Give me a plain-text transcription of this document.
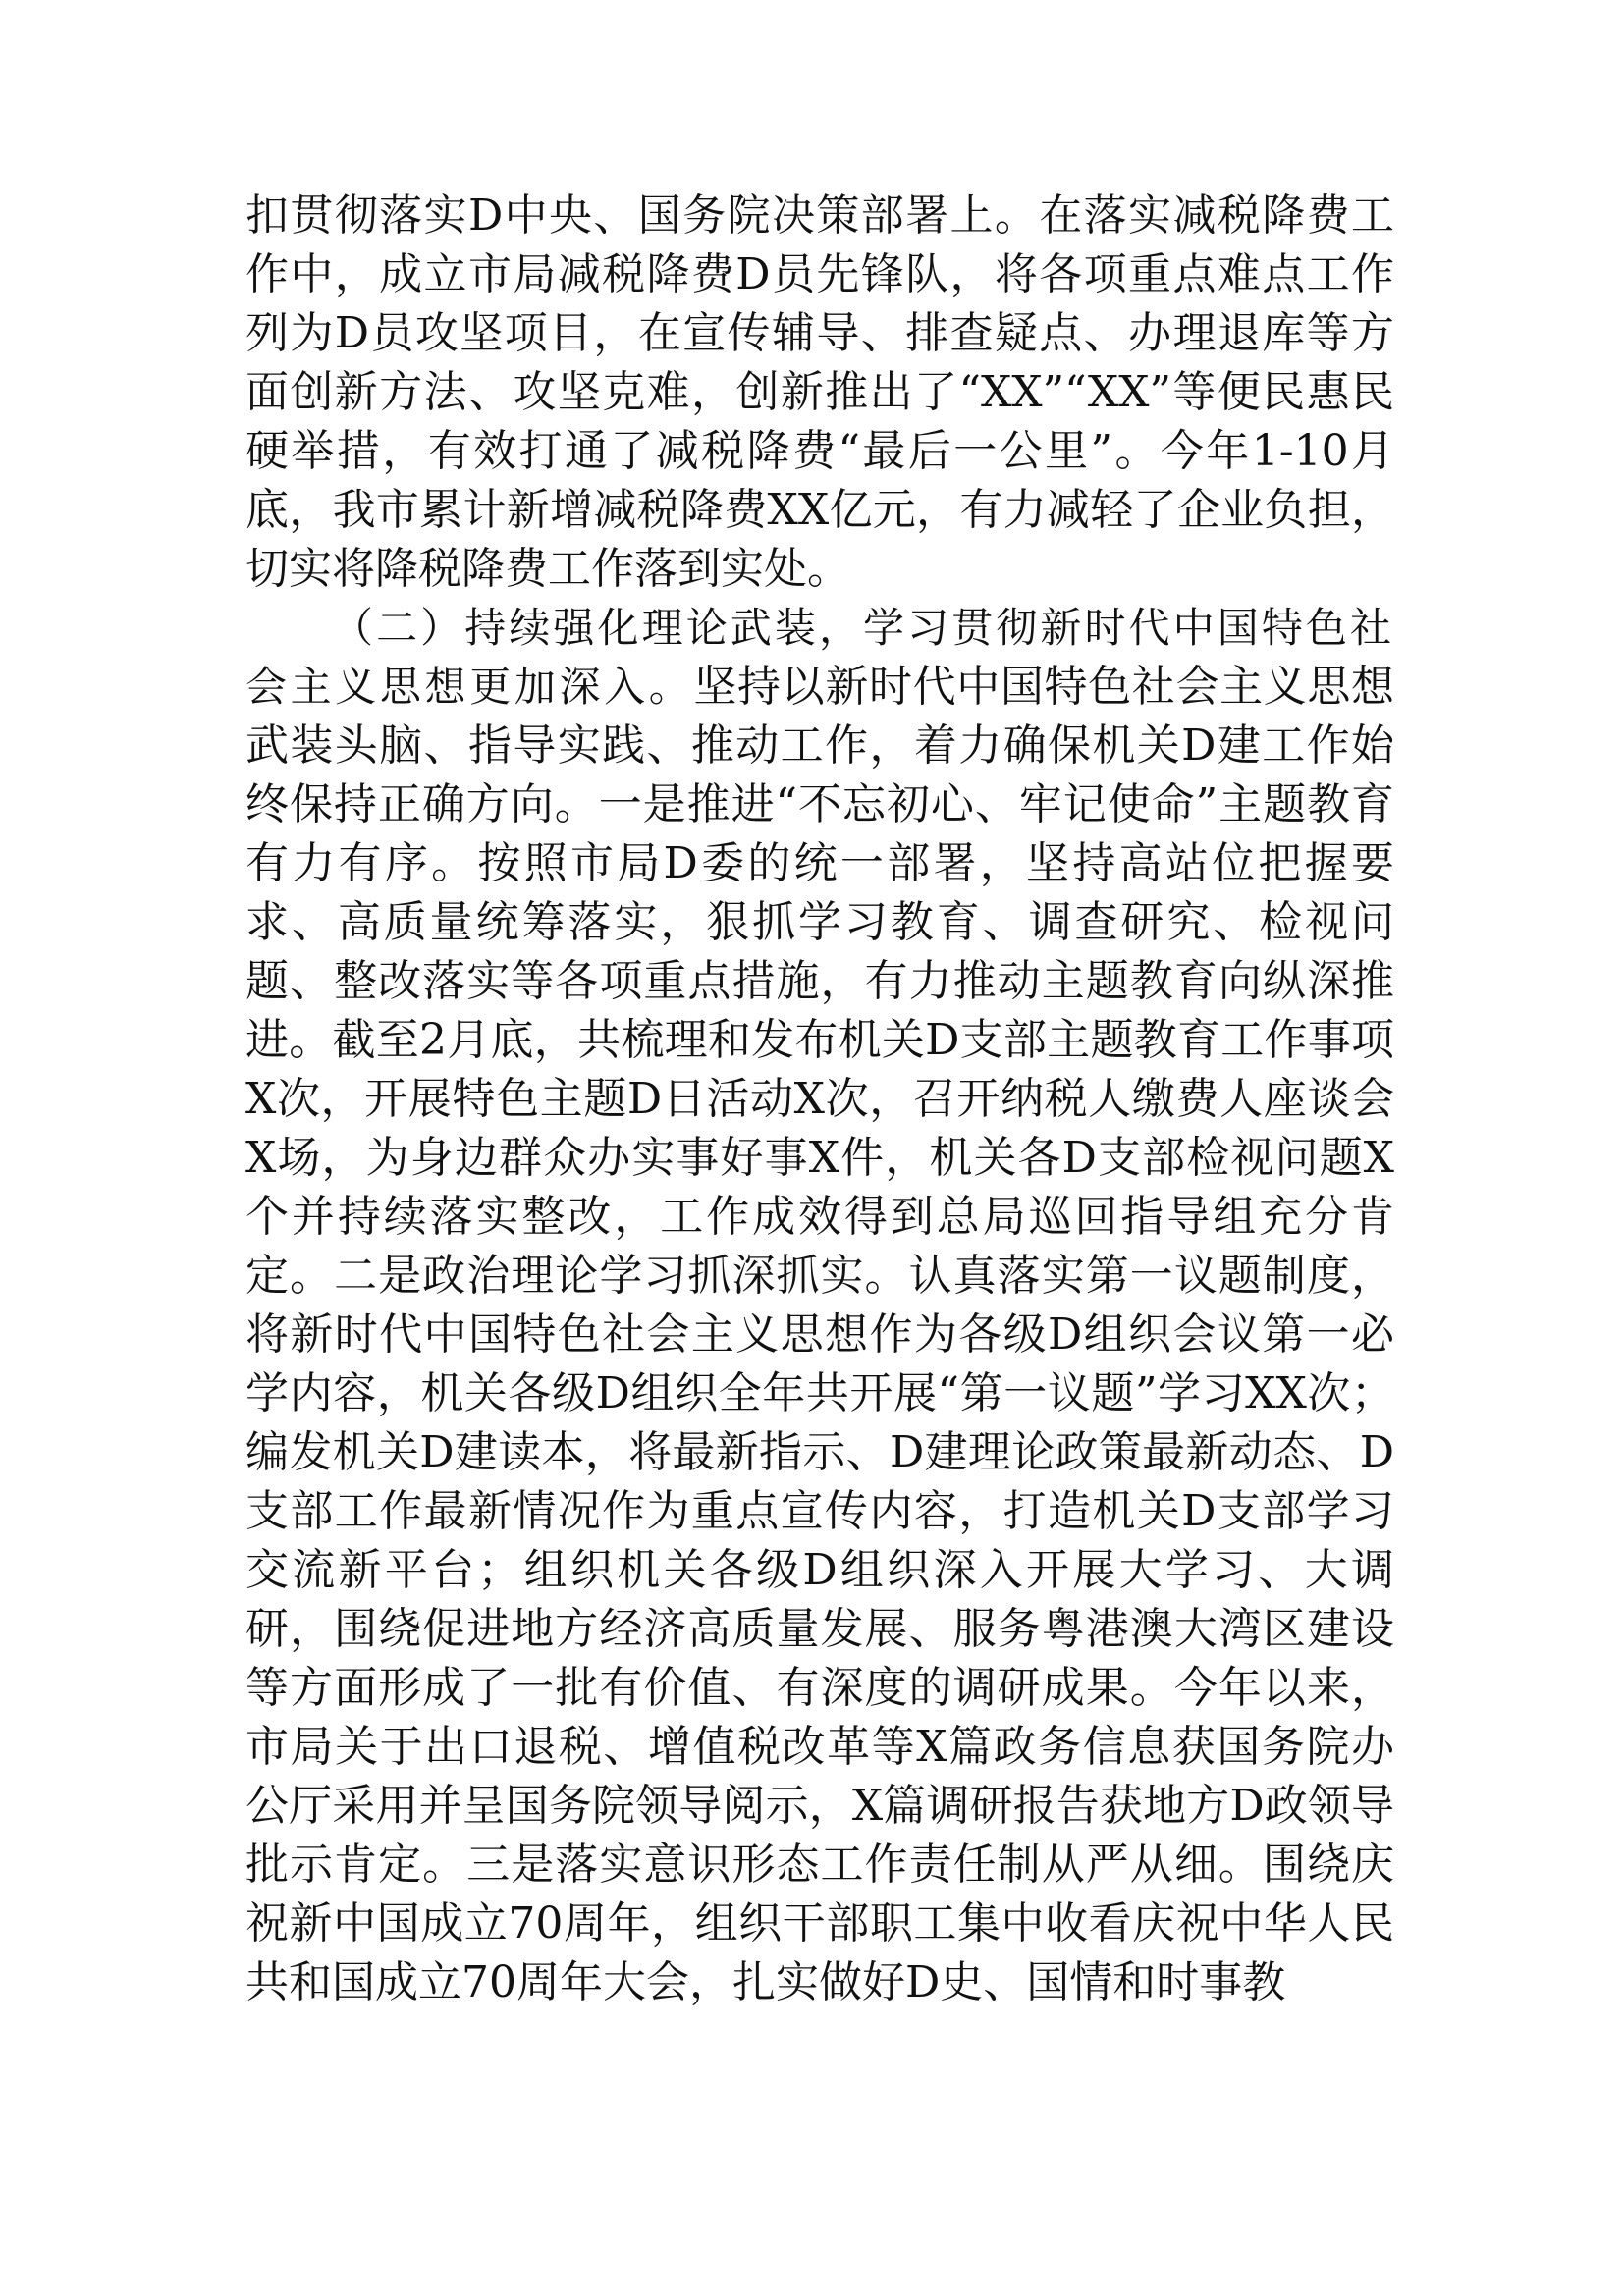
扣贯彻落实D中央、国务院决策部署上。在落实减税降费工作中，成立市局减税降费D员先锋队，将各项重点难点工作列为D员攻坚项目，在宣传辅导、排查疑点、办理退库等方面创新方法、攻坚克难，创新推出了“XX”“XX”等便民惠民硬举措，有效打通了减税降费“最后一公里”。今年1-10月底，我市累计新增减税降费XX亿元，有力减轻了企业负担，切实将降税降费工作落到实处。

（二）持续强化理论武装，学习贯彻新时代中国特色社会主义思想更加深入。坚持以新时代中国特色社会主义思想武装头脑、指导实践、推动工作，着力确保机关D建工作始终保持正确方向。一是推进“不忘初心、牢记使命”主题教育有力有序。按照市局D委的统一部署，坚持高站位把握要求、高质量统筹落实，狠抓学习教育、调查研究、检视问题、整改落实等各项重点措施，有力推动主题教育向纵深推进。截至2月底，共梳理和发布机关D支部主题教育工作事项X次，开展特色主题D日活动X次，召开纳税人缴费人座谈会X场，为身边群众办实事好事X件，机关各D支部检视问题X个并持续落实整改，工作成效得到总局巡回指导组充分肯定。二是政治理论学习抓深抓实。认真落实第一议题制度，将新时代中国特色社会主义思想作为各级D组织会议第一必学内容，机关各级D组织全年共开展“第一议题”学习XX次；编发机关D建读本，将最新指示、D建理论政策最新动态、D支部工作最新情况作为重点宣传内容，打造机关D支部学习交流新平台；组织机关各级D组织深入开展大学习、大调研，围绕促进地方经济高质量发展、服务粤港澳大湾区建设等方面形成了一批有价值、有深度的调研成果。今年以来，市局关于出口退税、增值税改革等X篇政务信息获国务院办公厅采用并呈国务院领导阅示，X篇调研报告获地方D政领导批示肯定。三是落实意识形态工作责任制从严从细。围绕庆祝新中国成立70周年，组织干部职工集中收看庆祝中华人民共和国成立70周年大会，扎实做好D史、国情和时事教
